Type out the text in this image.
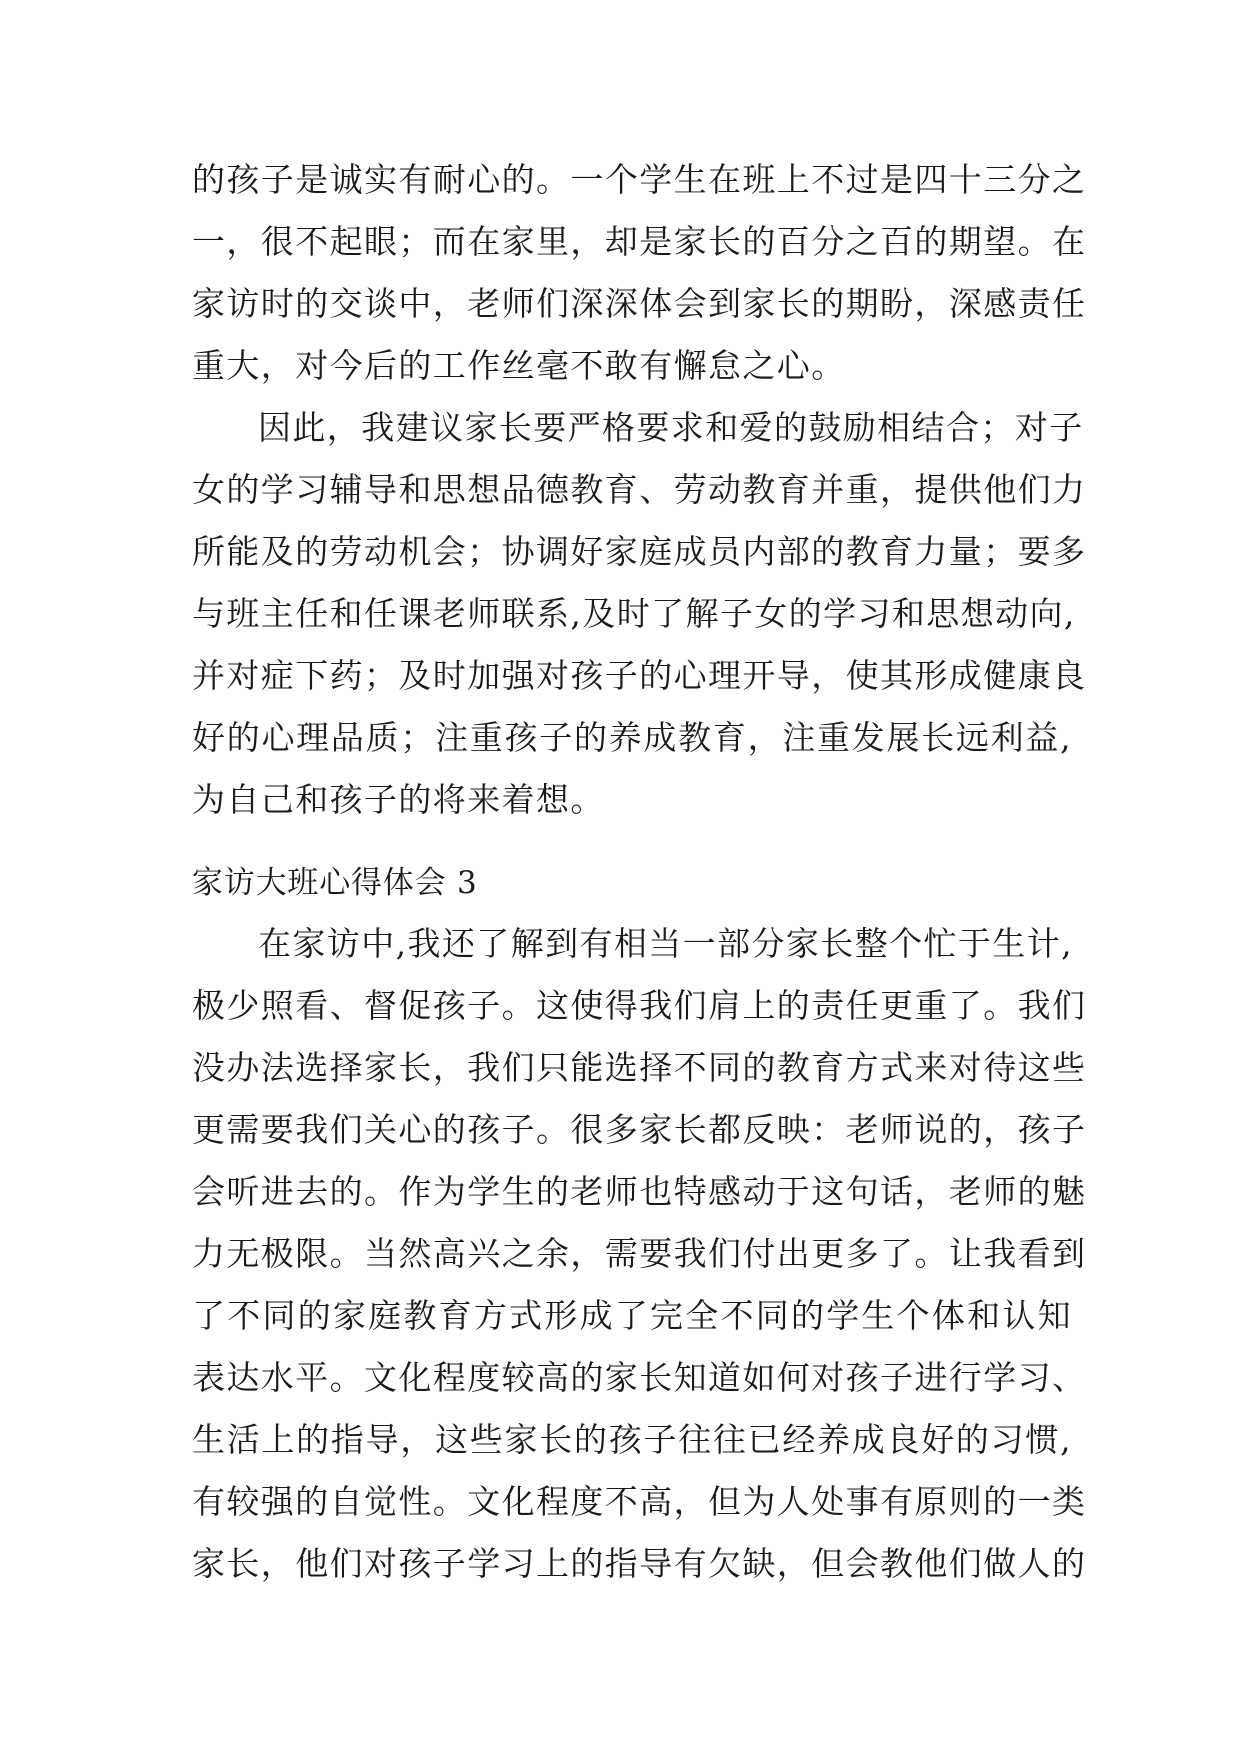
的孩子是诚实有耐心的。一个学生在班上不过是四十三分之
一，很不起眼；而在家里，却是家长的百分之百的期望。在
家访时的交谈中，老师们深深体会到家长的期盼，深感责任
重大，对今后的工作丝毫不敢有懈怠之心。
因此，我建议家长要严格要求和爱的鼓励相结合；对子
女的学习辅导和思想品德教育、劳动教育并重，提供他们力
所能及的劳动机会；协调好家庭成员内部的教育力量；要多
与班主任和任课老师联系,及时了解子女的学习和思想动向,
并对症下药；及时加强对孩子的心理开导，使其形成健康良
好的心理品质；注重孩子的养成教育，注重发展长远利益,
为自己和孩子的将来着想。
家访大班心得体会 3
在家访中,我还了解到有相当一部分家长整个忙于生计,
极少照看、督促孩子。这使得我们肩上的责任更重了。我们
没办法选择家长，我们只能选择不同的教育方式来对待这些
更需要我们关心的孩子。很多家长都反映：老师说的，孩子
会听进去的。作为学生的老师也特感动于这句话，老师的魅
力无极限。当然高兴之余，需要我们付出更多了。让我看到
了不同的家庭教育方式形成了完全不同的学生个体和认知
表达水平。文化程度较高的家长知道如何对孩子进行学习、
生活上的指导，这些家长的孩子往往已经养成良好的习惯,
有较强的自觉性。文化程度不高，但为人处事有原则的一类
家长，他们对孩子学习上的指导有欠缺，但会教他们做人的
